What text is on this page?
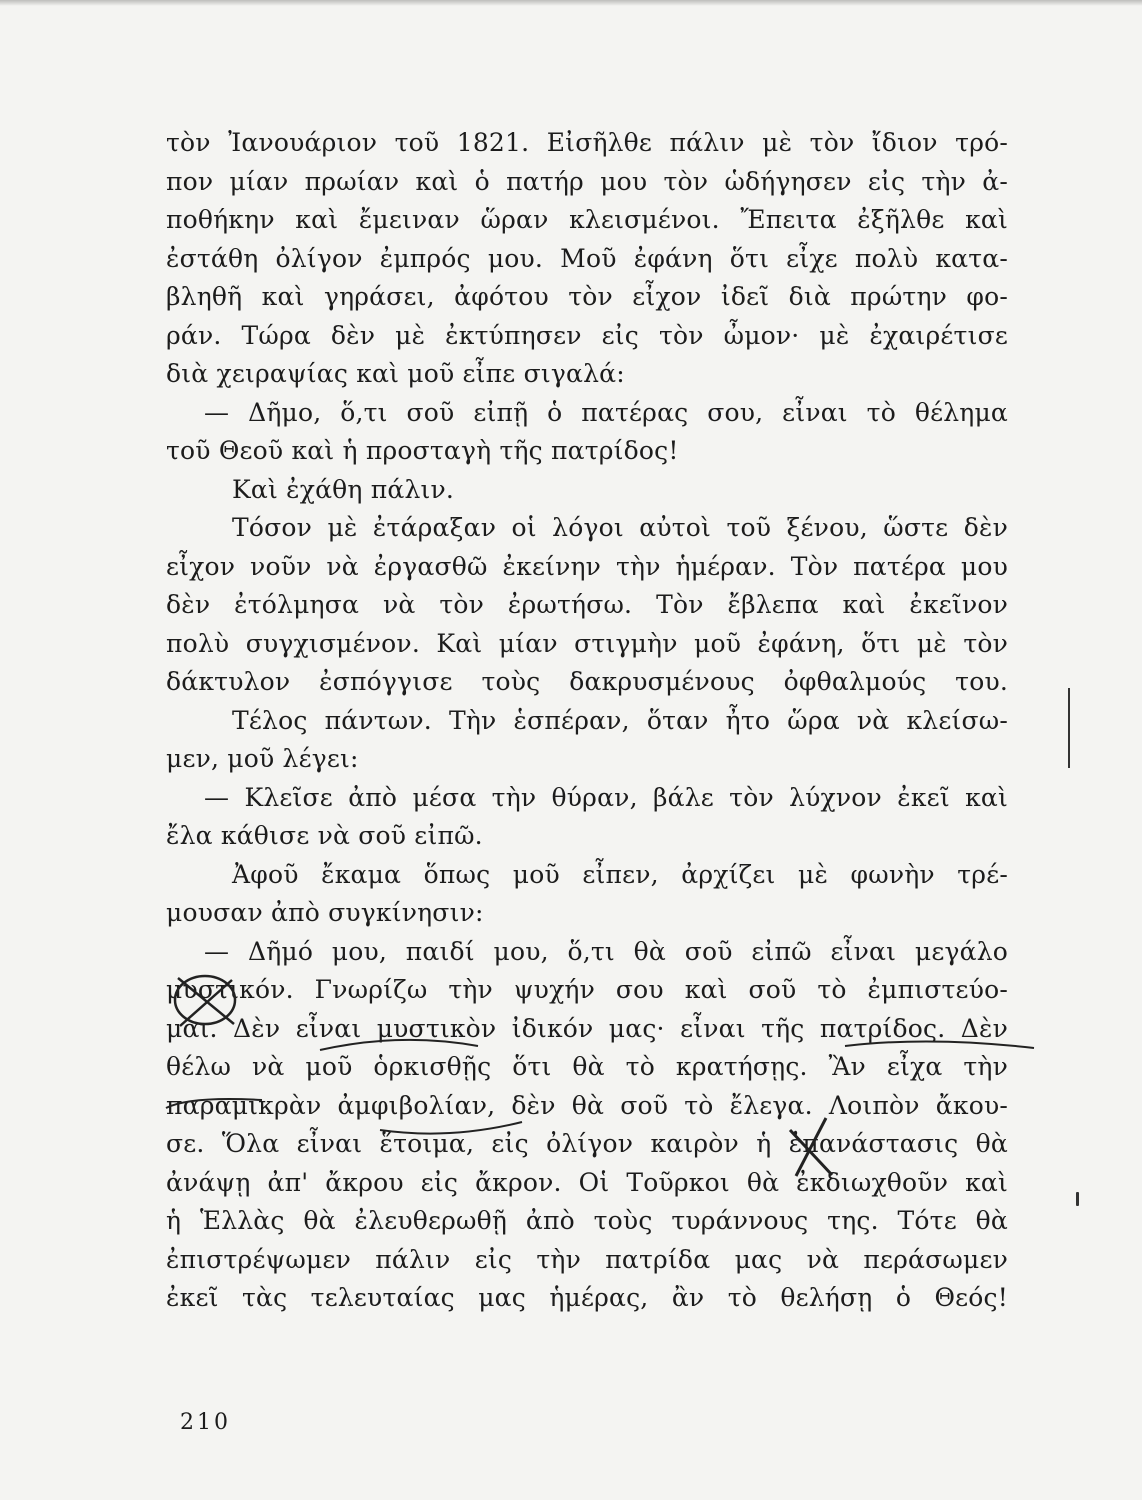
τὸν Ἰανουάριον τοῦ 1821. Εἰσῆλθε πάλιν μὲ τὸν ἴδιον τρό-
πον μίαν πρωίαν καὶ ὁ πατήρ μου τὸν ὡδήγησεν εἰς τὴν ἀ-
ποθήκην καὶ ἔμειναν ὥραν κλεισμένοι. Ἔπειτα ἐξῆλθε καὶ
ἐστάθη ὀλίγον ἐμπρός μου. Μοῦ ἐφάνη ὅτι εἶχε πολὺ κατα-
βληθῆ καὶ γηράσει, ἀφότου τὸν εἶχον ἰδεῖ διὰ πρώτην φο-
ράν. Τώρα δὲν μὲ ἐκτύπησεν εἰς τὸν ὦμον· μὲ ἐχαιρέτισε
διὰ χειραψίας καὶ μοῦ εἶπε σιγαλά:
— Δῆμο, ὅ,τι σοῦ εἰπῇ ὁ πατέρας σου, εἶναι τὸ θέλημα
τοῦ Θεοῦ καὶ ἡ προσταγὴ τῆς πατρίδος!
Καὶ ἐχάθη πάλιν.
Τόσον μὲ ἐτάραξαν οἱ λόγοι αὐτοὶ τοῦ ξένου, ὥστε δὲν
εἶχον νοῦν νὰ ἐργασθῶ ἐκείνην τὴν ἡμέραν. Τὸν πατέρα μου
δὲν ἐτόλμησα νὰ τὸν ἐρωτήσω. Τὸν ἔβλεπα καὶ ἐκεῖνον
πολὺ συγχισμένον. Καὶ μίαν στιγμὴν μοῦ ἐφάνη, ὅτι μὲ τὸν
δάκτυλον ἐσπόγγισε τοὺς δακρυσμένους ὀφθαλμούς του.
Τέλος πάντων. Τὴν ἑσπέραν, ὅταν ἦτο ὥρα νὰ κλείσω-
μεν, μοῦ λέγει:
— Κλεῖσε ἀπὸ μέσα τὴν θύραν, βάλε τὸν λύχνον ἐκεῖ καὶ
ἔλα κάθισε νὰ σοῦ εἰπῶ.
Ἀφοῦ ἔκαμα ὅπως μοῦ εἶπεν, ἀρχίζει μὲ φωνὴν τρέ-
μουσαν ἀπὸ συγκίνησιν:
— Δῆμό μου, παιδί μου, ὅ,τι θὰ σοῦ εἰπῶ εἶναι μεγάλο
μυστικόν. Γνωρίζω τὴν ψυχήν σου καὶ σοῦ τὸ ἐμπιστεύο-
μαι. Δὲν εἶναι μυστικὸν ἰδικόν μας· εἶναι τῆς πατρίδος. Δὲν
θέλω νὰ μοῦ ὁρκισθῇς ὅτι θὰ τὸ κρατήσῃς. Ἂν εἶχα τὴν
παραμικρὰν ἀμφιβολίαν, δὲν θὰ σοῦ τὸ ἔλεγα. Λοιπὸν ἄκου-
σε. Ὅλα εἶναι ἕτοιμα, εἰς ὀλίγον καιρὸν ἡ ἐπανάστασις θὰ
ἀνάψῃ ἀπ' ἄκρου εἰς ἄκρον. Οἱ Τοῦρκοι θὰ ἐκδιωχθοῦν καὶ
ἡ Ἑλλὰς θὰ ἐλευθερωθῇ ἀπὸ τοὺς τυράννους της. Τότε θὰ
ἐπιστρέψωμεν πάλιν εἰς τὴν πατρίδα μας νὰ περάσωμεν
ἐκεῖ τὰς τελευταίας μας ἡμέρας, ἂν τὸ θελήσῃ ὁ Θεός!
210
